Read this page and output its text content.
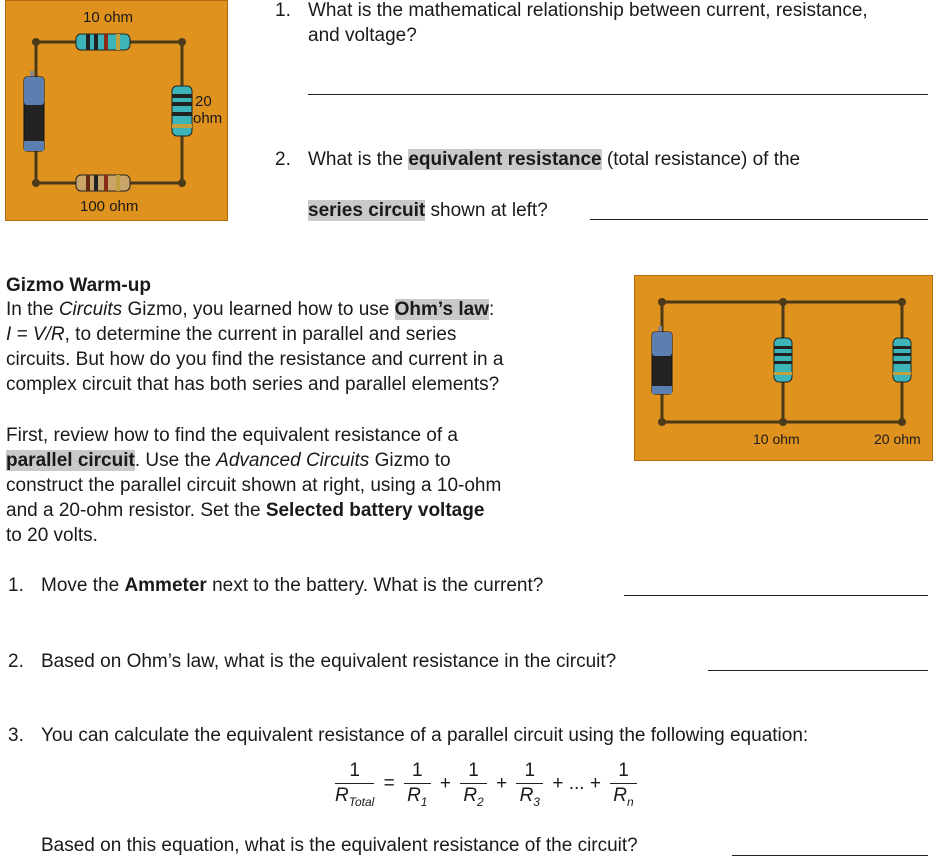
10 ohm
20
ohm
100 ohm
1. What is the mathematical relationship between current, resistance, and voltage?
2. What is the equivalent resistance (total resistance) of the
series circuit shown at left?
Gizmo Warm-up
In the Circuits Gizmo, you learned how to use Ohm’s law:
I = V/R, to determine the current in parallel and series
circuits. But how do you find the resistance and current in a
complex circuit that has both series and parallel elements?
First, review how to find the equivalent resistance of a
parallel circuit. Use the Advanced Circuits Gizmo to
construct the parallel circuit shown at right, using a 10-ohm
and a 20-ohm resistor. Set the Selected battery voltage
to 20 volts.
10 ohm	20 ohm
1. Move the Ammeter next to the battery. What is the current?
2. Based on Ohm’s law, what is the equivalent resistance in the circuit?
3. You can calculate the equivalent resistance of a parallel circuit using the following equation:
$\frac{1}{R_{Total}} = \frac{1}{R_1} + \frac{1}{R_2} + \frac{1}{R_3}$ + ... + $\frac{1}{R_n}$
Based on this equation, what is the equivalent resistance of the circuit?
